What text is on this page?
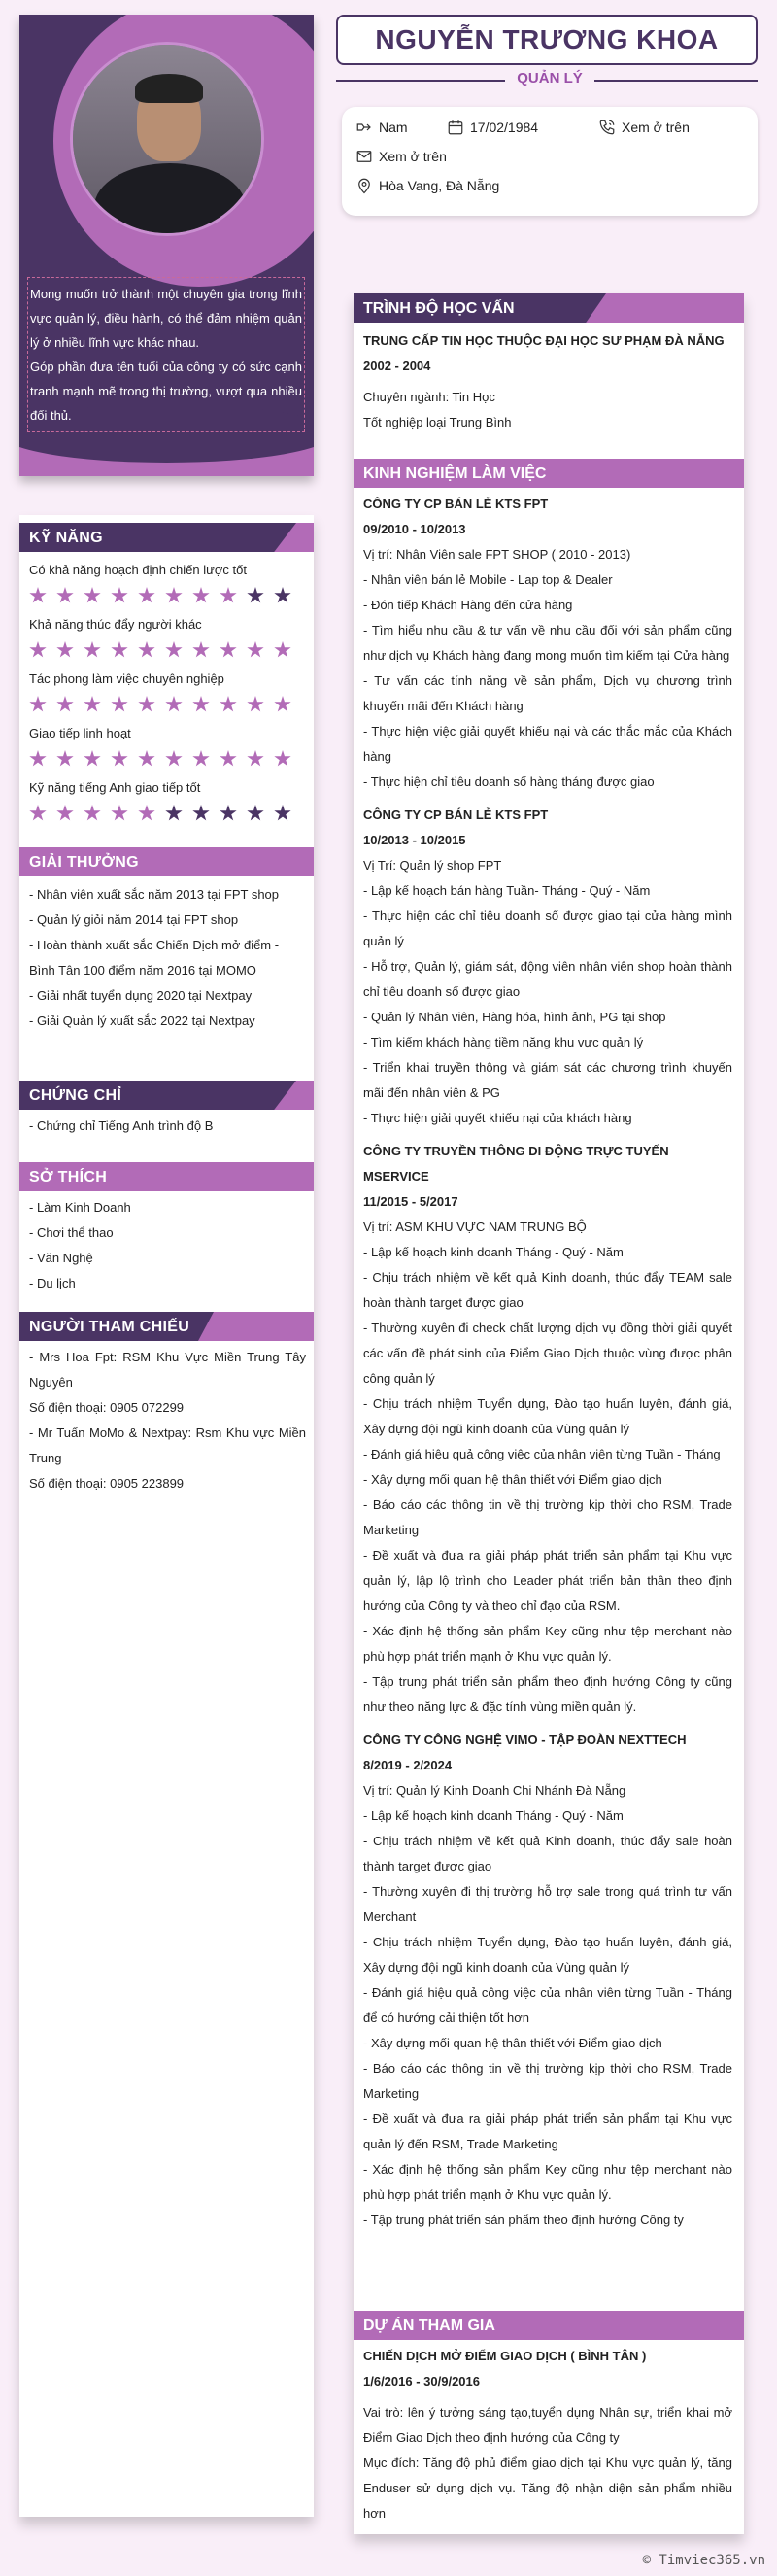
Mong muốn trở thành một chuyên gia trong lĩnh vực quản lý, điều hành, có thể đảm nhiệm quản lý ở nhiều lĩnh vực khác nhau.

Góp phần đưa tên tuổi của công ty có sức cạnh tranh mạnh mẽ trong thị trường, vượt qua nhiều đối thủ.

KỸ NĂNG
Có khả năng hoạch định chiến lược tốt
Khả năng thúc đẩy người khác
Tác phong làm việc chuyên nghiệp
Giao tiếp linh hoạt
Kỹ năng tiếng Anh giao tiếp tốt
GIẢI THƯỞNG
- Nhân viên xuất sắc năm 2013 tại FPT shop
- Quản lý giỏi năm 2014 tại FPT shop
- Hoàn thành xuất sắc Chiến Dịch mở điểm - Bình Tân 100 điểm năm 2016 tại MOMO
- Giải nhất tuyển dụng 2020 tại Nextpay
- Giải Quản lý xuất sắc 2022 tại Nextpay
CHỨNG CHỈ
- Chứng chỉ Tiếng Anh trình độ B
SỞ THÍCH
- Làm Kinh Doanh
- Chơi thể thao
- Văn Nghệ
- Du lịch
NGƯỜI THAM CHIẾU
- Mrs Hoa Fpt: RSM Khu Vực Miền Trung Tây Nguyên
Số điện thoại: 0905 072299
- Mr Tuấn MoMo & Nextpay: Rsm Khu vực Miền Trung
Số điện thoại: 0905 223899
NGUYỄN TRƯƠNG KHOA
QUẢN LÝ
Nam	17/02/1984	Xem ở trên
Xem ở trên
Hòa Vang, Đà Nẵng
TRÌNH ĐỘ HỌC VẤN
TRUNG CẤP TIN HỌC THUỘC ĐẠI HỌC SƯ PHẠM ĐÀ NẴNG
2002 - 2004
Chuyên ngành: Tin Học
Tốt nghiệp loại Trung Bình
KINH NGHIỆM LÀM VIỆC
CÔNG TY CP BÁN LẺ KTS FPT
09/2010 - 10/2013

Vị trí: Nhân Viên sale FPT SHOP ( 2010 - 2013)

- Nhân viên bán lẻ Mobile - Lap top & Dealer

- Đón tiếp Khách Hàng đến cửa hàng

- Tìm hiểu nhu cầu & tư vấn về nhu cầu đối với sản phẩm cũng như dịch vụ Khách hàng đang mong muốn tìm kiếm tại Cửa hàng

- Tư vấn các tính năng về sản phẩm, Dịch vụ chương trình khuyến mãi đến Khách hàng

- Thực hiện việc giải quyết khiếu nại và các thắc mắc của Khách hàng

- Thực hiện chỉ tiêu doanh số hàng tháng được giao

CÔNG TY CP BÁN LẺ KTS FPT
10/2013 - 10/2015

Vị Trí: Quản lý shop FPT

- Lập kế hoạch bán hàng Tuần- Tháng - Quý - Năm

- Thực hiện các chỉ tiêu doanh số được giao tại cửa hàng mình quản lý

- Hỗ trợ, Quản lý, giám sát, động viên nhân viên shop hoàn thành chỉ tiêu doanh số được giao

- Quản lý Nhân viên, Hàng hóa, hình ảnh, PG tại shop

- Tìm kiếm khách hàng tiềm năng khu vực quản lý

- Triển khai truyền thông và giám sát các chương trình khuyến mãi đến nhân viên & PG

- Thực hiện giải quyết khiếu nại của khách hàng

CÔNG TY TRUYỀN THÔNG DI ĐỘNG TRỰC TUYẾN MSERVICE
11/2015 - 5/2017

Vị trí: ASM KHU VỰC NAM TRUNG BỘ

- Lập kế hoạch kinh doanh Tháng - Quý - Năm

- Chịu trách nhiệm về kết quả Kinh doanh, thúc đẩy TEAM sale hoàn thành target được giao

- Thường xuyên đi check chất lượng dịch vụ đồng thời giải quyết các vấn đề phát sinh của Điểm Giao Dịch thuộc vùng được phân công quản lý

- Chịu trách nhiệm Tuyển dụng, Đào tạo huấn luyện, đánh giá, Xây dựng đội ngũ kinh doanh của Vùng quản lý

- Đánh giá hiệu quả công việc của nhân viên từng Tuần - Tháng

- Xây dựng mối quan hệ thân thiết với Điểm giao dịch

- Báo cáo các thông tin về thị trường kịp thời cho RSM, Trade Marketing

- Đề xuất và đưa ra giải pháp phát triển sản phẩm tại Khu vực quản lý, lập lộ trình cho Leader phát triển bản thân theo định hướng của Công ty và theo chỉ đạo của RSM.

- Xác định hệ thống sản phẩm Key cũng như tệp merchant nào phù hợp phát triển mạnh ở Khu vực quản lý.

- Tập trung phát triển sản phẩm theo định hướng Công ty cũng như theo năng lực & đặc tính vùng miền quản lý.

CÔNG TY CÔNG NGHỆ VIMO - TẬP ĐOÀN NEXTTECH
8/2019 - 2/2024

Vị trí: Quản lý Kinh Doanh Chi Nhánh Đà Nẵng

- Lập kế hoạch kinh doanh Tháng - Quý - Năm

- Chịu trách nhiệm về kết quả Kinh doanh, thúc đẩy sale hoàn thành target được giao

- Thường xuyên đi thị trường hỗ trợ sale trong quá trình tư vấn Merchant

- Chịu trách nhiệm Tuyển dụng, Đào tạo huấn luyện, đánh giá, Xây dựng đội ngũ kinh doanh của Vùng quản lý

- Đánh giá hiệu quả công việc của nhân viên từng Tuần - Tháng để có hướng cải thiện tốt hơn

- Xây dựng mối quan hệ thân thiết với Điểm giao dịch

- Báo cáo các thông tin về thị trường kịp thời cho RSM, Trade Marketing

- Đề xuất và đưa ra giải pháp phát triển sản phẩm tại Khu vực quản lý đến RSM, Trade Marketing

- Xác định hệ thống sản phẩm Key cũng như tệp merchant nào phù hợp phát triển mạnh ở Khu vực quản lý.

- Tập trung phát triển sản phẩm theo định hướng Công ty

DỰ ÁN THAM GIA
CHIẾN DỊCH MỞ ĐIỂM GIAO DỊCH ( BÌNH TÂN )
1/6/2016 - 30/9/2016

Vai trò: lên ý tưởng sáng tạo,tuyển dụng Nhân sự, triển khai mở Điểm Giao Dịch theo định hướng của Công ty

Mục đích: Tăng độ phủ điểm giao dịch tại Khu vực quản lý, tăng Enduser sử dụng dịch vụ. Tăng độ nhận diện sản phẩm nhiều hơn

© Timviec365.vn
